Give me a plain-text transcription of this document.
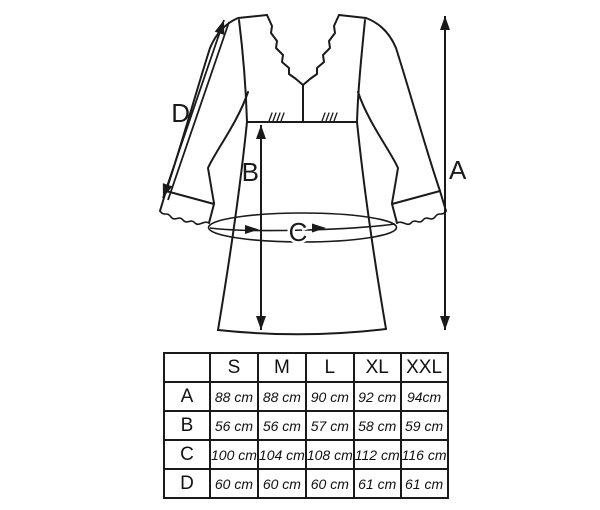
A
B
C
D
	S	M	L	XL	XXL
A	88 cm	88 cm	90 cm	92 cm	94cm
B	56 cm	56 cm	57 cm	58 cm	59 cm
C	100 cm	104 cm	108 cm	112 cm	116 cm
D	60 cm	60 cm	60 cm	61 cm	61 cm
